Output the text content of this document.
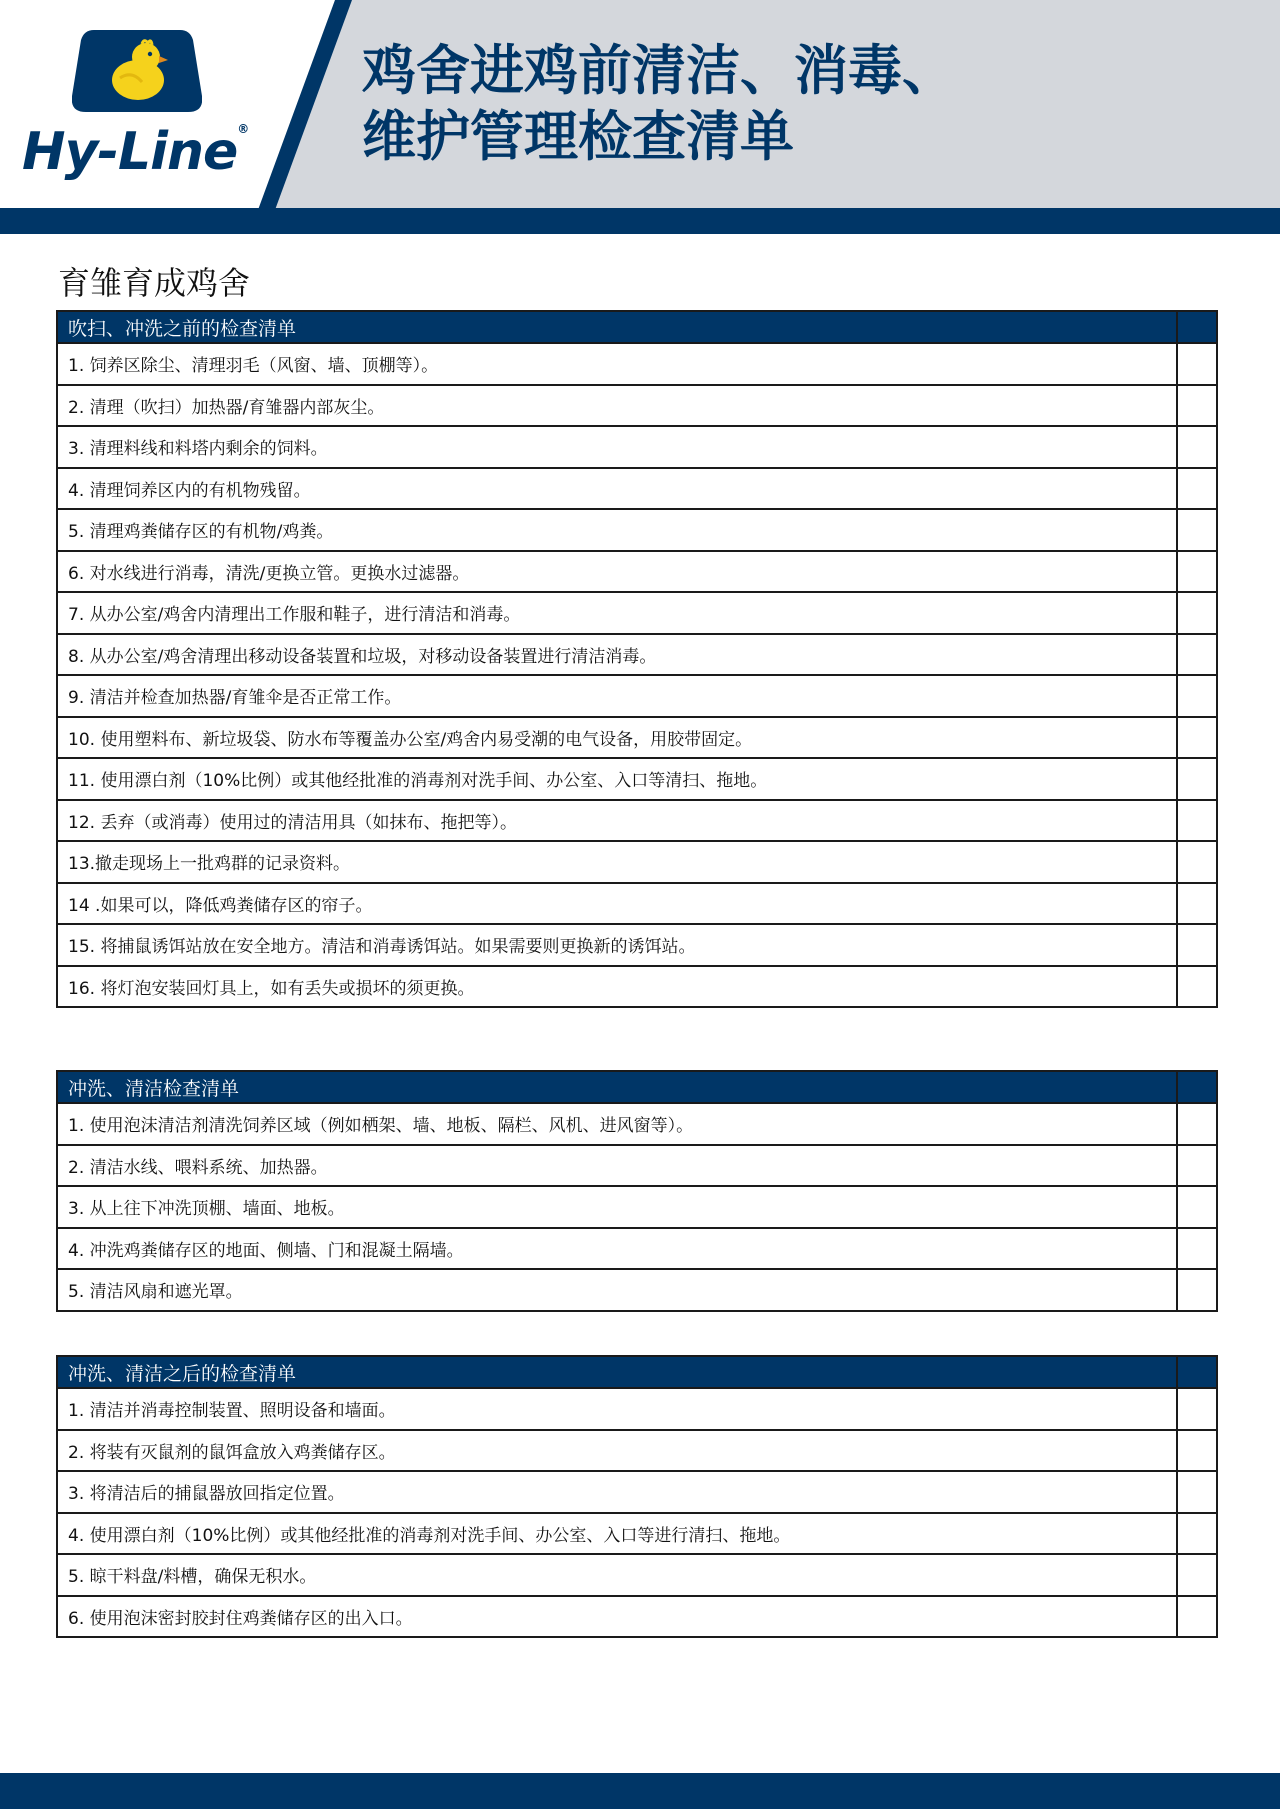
Hy-Line®
鸡舍进鸡前清洁、消毒、
维护管理检查清单
育雏育成鸡舍
吹扫、冲洗之前的检查清单	
1. 饲养区除尘、清理羽毛（风窗、墙、顶棚等）。	
2. 清理（吹扫）加热器/育雏器内部灰尘。	
3. 清理料线和料塔内剩余的饲料。	
4. 清理饲养区内的有机物残留。	
5. 清理鸡粪储存区的有机物/鸡粪。	
6. 对水线进行消毒，清洗/更换立管。更换水过滤器。	
7. 从办公室/鸡舍内清理出工作服和鞋子，进行清洁和消毒。	
8. 从办公室/鸡舍清理出移动设备装置和垃圾，对移动设备装置进行清洁消毒。	
9. 清洁并检查加热器/育雏伞是否正常工作。	
10. 使用塑料布、新垃圾袋、防水布等覆盖办公室/鸡舍内易受潮的电气设备，用胶带固定。	
11. 使用漂白剂（10%比例）或其他经批准的消毒剂对洗手间、办公室、入口等清扫、拖地。	
12. 丢弃（或消毒）使用过的清洁用具（如抹布、拖把等）。	
13.撤走现场上一批鸡群的记录资料。	
14 .如果可以，降低鸡粪储存区的帘子。	
15. 将捕鼠诱饵站放在安全地方。清洁和消毒诱饵站。如果需要则更换新的诱饵站。	
16. 将灯泡安装回灯具上，如有丢失或损坏的须更换。	
冲洗、清洁检查清单	
1. 使用泡沫清洁剂清洗饲养区域（例如栖架、墙、地板、隔栏、风机、进风窗等）。	
2. 清洁水线、喂料系统、加热器。	
3. 从上往下冲洗顶棚、墙面、地板。	
4. 冲洗鸡粪储存区的地面、侧墙、门和混凝土隔墙。	
5. 清洁风扇和遮光罩。	
冲洗、清洁之后的检查清单	
1. 清洁并消毒控制装置、照明设备和墙面。	
2. 将装有灭鼠剂的鼠饵盒放入鸡粪储存区。	
3. 将清洁后的捕鼠器放回指定位置。	
4. 使用漂白剂（10%比例）或其他经批准的消毒剂对洗手间、办公室、入口等进行清扫、拖地。	
5. 晾干料盘/料槽，确保无积水。	
6. 使用泡沫密封胶封住鸡粪储存区的出入口。	
